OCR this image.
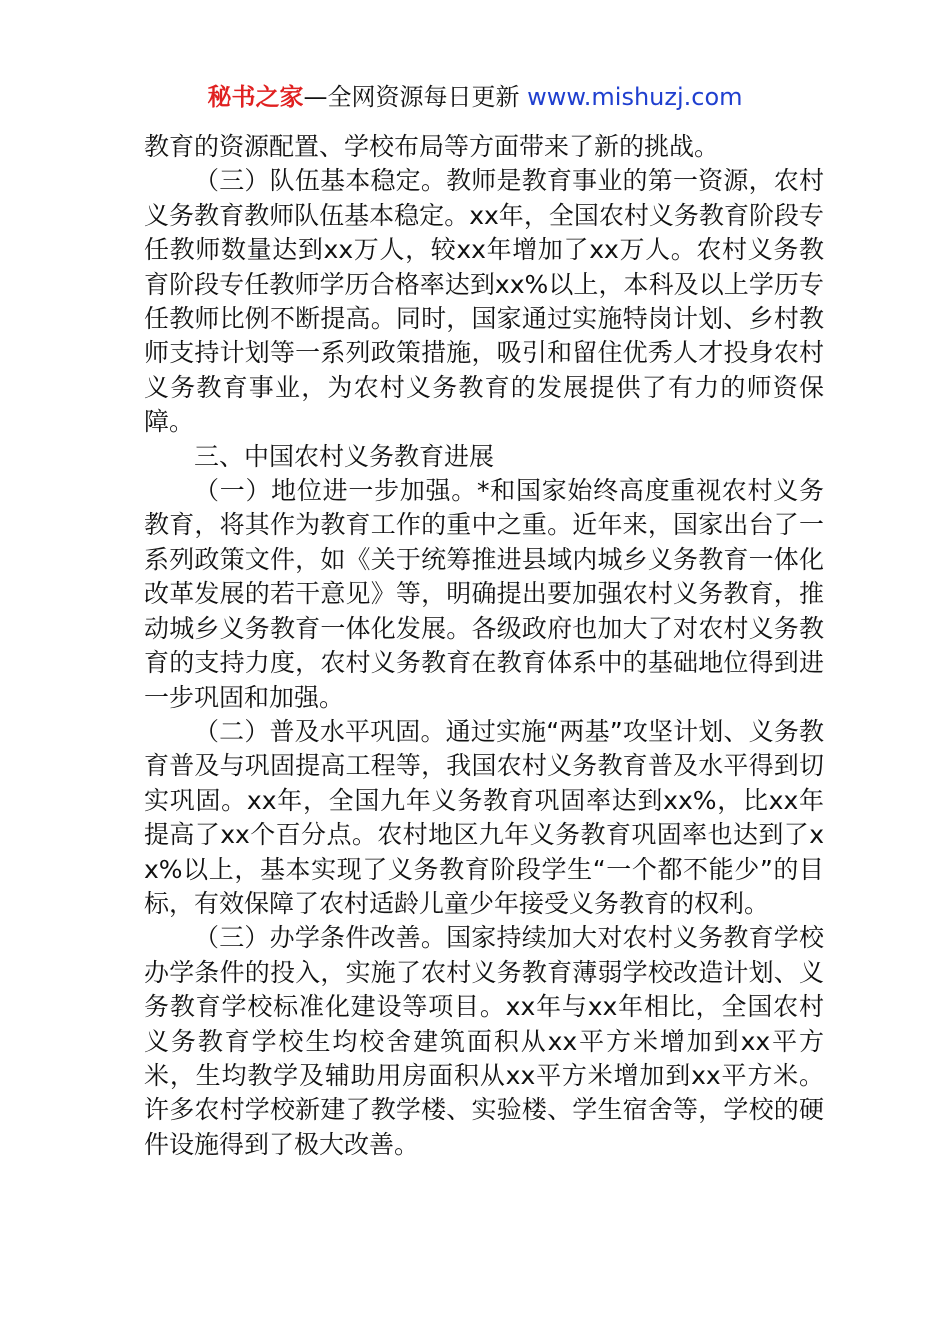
秘书之家—全网资源每日更新 www.mishuzj.com

教育的资源配置、学校布局等方面带来了新的挑战。

（三）队伍基本稳定。教师是教育事业的第一资源，农村义务教育教师队伍基本稳定。xx年，全国农村义务教育阶段专任教师数量达到xx万人，较xx年增加了xx万人。农村义务教育阶段专任教师学历合格率达到xx%以上，本科及以上学历专任教师比例不断提高。同时，国家通过实施特岗计划、乡村教师支持计划等一系列政策措施，吸引和留住优秀人才投身农村义务教育事业，为农村义务教育的发展提供了有力的师资保障。

三、中国农村义务教育进展

（一）地位进一步加强。*和国家始终高度重视农村义务教育，将其作为教育工作的重中之重。近年来，国家出台了一系列政策文件，如《关于统筹推进县域内城乡义务教育一体化改革发展的若干意见》等，明确提出要加强农村义务教育，推动城乡义务教育一体化发展。各级政府也加大了对农村义务教育的支持力度，农村义务教育在教育体系中的基础地位得到进一步巩固和加强。

（二）普及水平巩固。通过实施“两基”攻坚计划、义务教育普及与巩固提高工程等，我国农村义务教育普及水平得到切实巩固。xx年，全国九年义务教育巩固率达到xx%，比xx年提高了xx个百分点。农村地区九年义务教育巩固率也达到了xx%以上，基本实现了义务教育阶段学生“一个都不能少”的目标，有效保障了农村适龄儿童少年接受义务教育的权利。

（三）办学条件改善。国家持续加大对农村义务教育学校办学条件的投入，实施了农村义务教育薄弱学校改造计划、义务教育学校标准化建设等项目。xx年与xx年相比，全国农村义务教育学校生均校舍建筑面积从xx平方米增加到xx平方米，生均教学及辅助用房面积从xx平方米增加到xx平方米。许多农村学校新建了教学楼、实验楼、学生宿舍等，学校的硬件设施得到了极大改善。
